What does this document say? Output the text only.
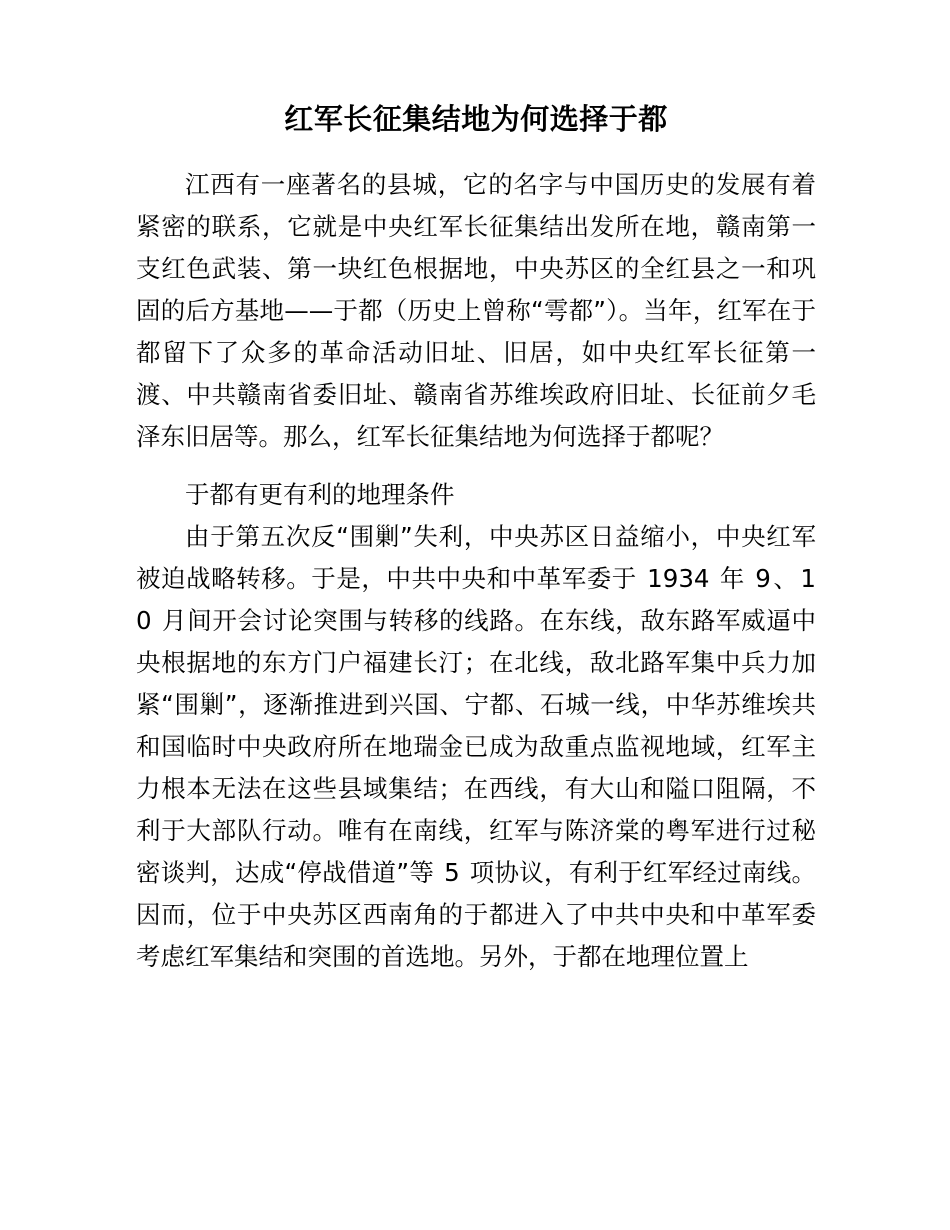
红军长征集结地为何选择于都

江西有一座著名的县城，它的名字与中国历史的发展有着紧密的联系，它就是中央红军长征集结出发所在地，赣南第一支红色武装、第一块红色根据地，中央苏区的全红县之一和巩固的后方基地——于都（历史上曾称“雩都”）。当年，红军在于都留下了众多的革命活动旧址、旧居，如中央红军长征第一渡、中共赣南省委旧址、赣南省苏维埃政府旧址、长征前夕毛泽东旧居等。那么，红军长征集结地为何选择于都呢？

于都有更有利的地理条件

由于第五次反“围剿”失利，中央苏区日益缩小，中央红军被迫战略转移。于是，中共中央和中革军委于 1934 年 9、10 月间开会讨论突围与转移的线路。在东线，敌东路军威逼中央根据地的东方门户福建长汀；在北线，敌北路军集中兵力加紧“围剿”，逐渐推进到兴国、宁都、石城一线，中华苏维埃共和国临时中央政府所在地瑞金已成为敌重点监视地域，红军主力根本无法在这些县域集结；在西线，有大山和隘口阻隔，不利于大部队行动。唯有在南线，红军与陈济棠的粤军进行过秘密谈判，达成“停战借道”等 5 项协议，有利于红军经过南线。因而，位于中央苏区西南角的于都进入了中共中央和中革军委考虑红军集结和突围的首选地。另外，于都在地理位置上
